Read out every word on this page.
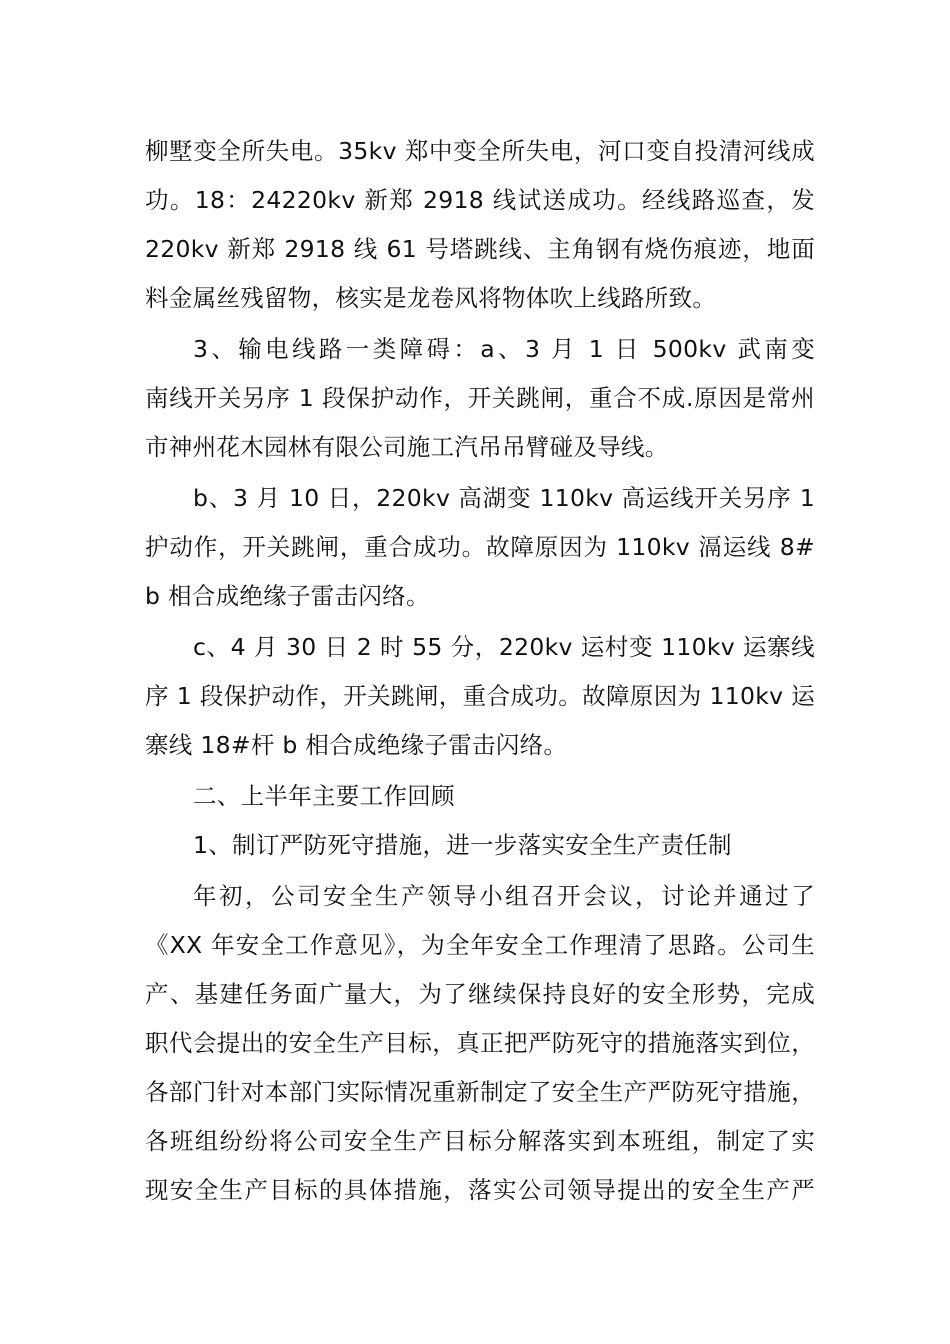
柳墅变全所失电。35kv 郑中变全所失电，河口变自投清河线成
功。18：24220kv 新郑 2918 线试送成功。经线路巡查，发
220kv 新郑 2918 线 61 号塔跳线、主角钢有烧伤痕迹，地面
料金属丝残留物，核实是龙卷风将物体吹上线路所致。
3、输电线路一类障碍：a、3 月 1 日 500kv 武南变
南线开关另序 1 段保护动作，开关跳闸，重合不成.原因是常州
市神州花木园林有限公司施工汽吊吊臂碰及导线。
b、3 月 10 日，220kv 高湖变 110kv 高运线开关另序 1
护动作，开关跳闸，重合成功。故障原因为 110kv 滆运线 8#
b 相合成绝缘子雷击闪络。
c、4 月 30 日 2 时 55 分，220kv 运村变 110kv 运寨线
序 1 段保护动作，开关跳闸，重合成功。故障原因为 110kv 运
寨线 18#杆 b 相合成绝缘子雷击闪络。
二、上半年主要工作回顾
1、制订严防死守措施，进一步落实安全生产责任制
年初，公司安全生产领导小组召开会议，讨论并通过了
《XX 年安全工作意见》，为全年安全工作理清了思路。公司生
产、基建任务面广量大，为了继续保持良好的安全形势，完成
职代会提出的安全生产目标，真正把严防死守的措施落实到位，
各部门针对本部门实际情况重新制定了安全生产严防死守措施，
各班组纷纷将公司安全生产目标分解落实到本班组，制定了实
现安全生产目标的具体措施，落实公司领导提出的安全生产严
